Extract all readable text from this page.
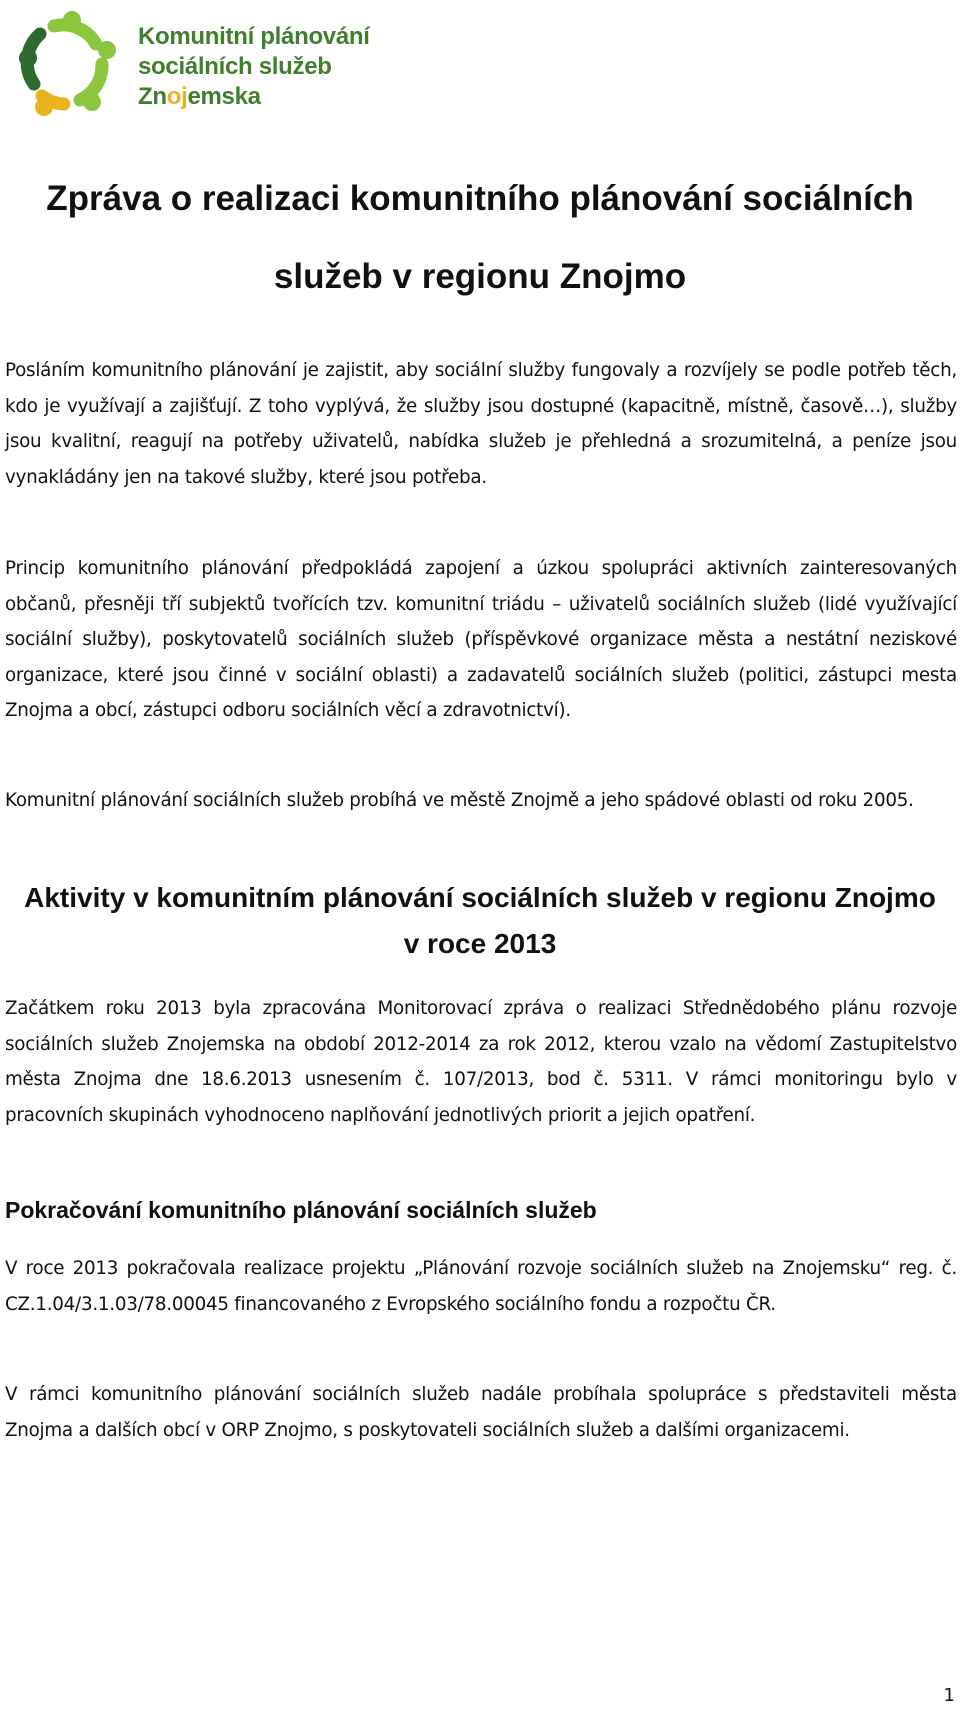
Komunitní plánování
sociálních služeb
Znojemska
Zpráva o realizaci komunitního plánování sociálních
služeb v regionu Znojmo

Posláním komunitního plánování je zajistit, aby sociální služby fungovaly a rozvíjely se podle potřeb těch, kdo je využívají a zajišťují. Z toho vyplývá, že služby jsou dostupné (kapacitně, místně, časově…), služby jsou kvalitní, reagují na potřeby uživatelů, nabídka služeb je přehledná a srozumitelná, a peníze jsou vynakládány jen na takové služby, které jsou potřeba.

Princip komunitního plánování předpokládá zapojení a úzkou spolupráci aktivních zainteresovaných občanů, přesněji tří subjektů tvořících tzv. komunitní triádu – uživatelů sociálních služeb (lidé využívající sociální služby), poskytovatelů sociálních služeb (příspěvkové organizace města a nestátní neziskové organizace, které jsou činné v sociální oblasti) a zadavatelů sociálních služeb (politici, zástupci mesta Znojma a obcí, zástupci odboru sociálních věcí a zdravotnictví).

Komunitní plánování sociálních služeb probíhá ve městě Znojmě a jeho spádové oblasti od roku 2005.

Aktivity v komunitním plánování sociálních služeb v regionu Znojmo
v roce 2013

Začátkem roku 2013 byla zpracována Monitorovací zpráva o realizaci Střednědobého plánu rozvoje sociálních služeb Znojemska na období 2012-2014 za rok 2012, kterou vzalo na vědomí Zastupitelstvo města Znojma dne 18.6.2013 usnesením č. 107/2013, bod č. 5311. V rámci monitoringu bylo v pracovních skupinách vyhodnoceno naplňování jednotlivých priorit a jejich opatření.

Pokračování komunitního plánování sociálních služeb

V roce 2013 pokračovala realizace projektu „Plánování rozvoje sociálních služeb na Znojemsku“ reg. č. CZ.1.04/3.1.03/78.00045 financovaného z Evropského sociálního fondu a rozpočtu ČR.

V rámci komunitního plánování sociálních služeb nadále probíhala spolupráce s představiteli města Znojma a dalších obcí v ORP Znojmo, s poskytovateli sociálních služeb a dalšími organizacemi.

1
